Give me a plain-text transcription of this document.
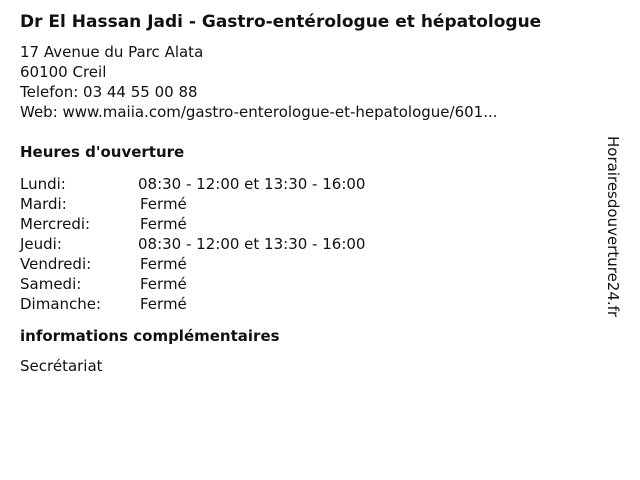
Dr El Hassan Jadi - Gastro-entérologue et hépatologue
17 Avenue du Parc Alata
60100 Creil
Telefon: 03 44 55 00 88
Web: www.maiia.com/gastro-enterologue-et-hepatologue/601...
Heures d'ouverture
Lundi:	08:30 - 12:00 et 13:30 - 16:00
Mardi:	Fermé
Mercredi:	Fermé
Jeudi:	08:30 - 12:00 et 13:30 - 16:00
Vendredi:	Fermé
Samedi:	Fermé
Dimanche:	Fermé
informations complémentaires
Secrétariat
Horairesdouverture24.fr
